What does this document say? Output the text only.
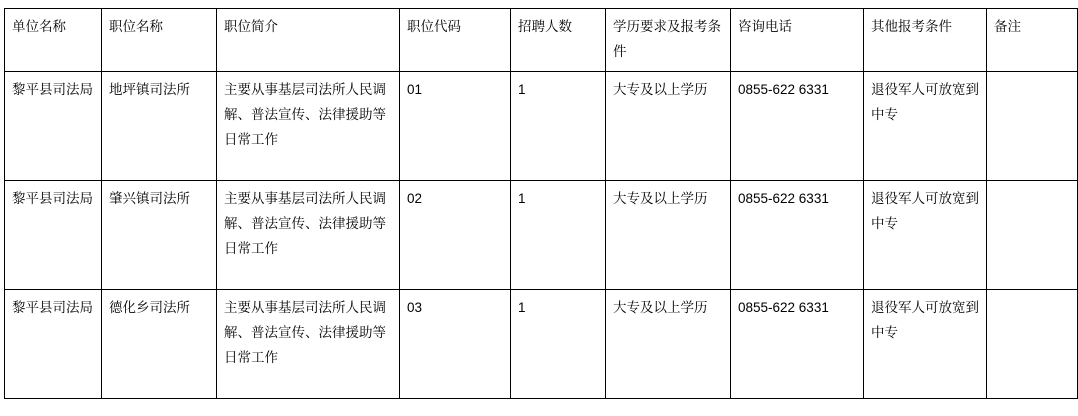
单位名称	职位名称	职位简介	职位代码	招聘人数	学历要求及报考条件	咨询电话	其他报考条件	备注
黎平县司法局	地坪镇司法所	主要从事基层司法所人民调解、普法宣传、法律援助等日常工作	01	1	大专及以上学历	0855-622 6331	退役军人可放宽到中专	
黎平县司法局	肇兴镇司法所	主要从事基层司法所人民调解、普法宣传、法律援助等日常工作	02	1	大专及以上学历	0855-622 6331	退役军人可放宽到中专	
黎平县司法局	德化乡司法所	主要从事基层司法所人民调解、普法宣传、法律援助等日常工作	03	1	大专及以上学历	0855-622 6331	退役军人可放宽到中专	
